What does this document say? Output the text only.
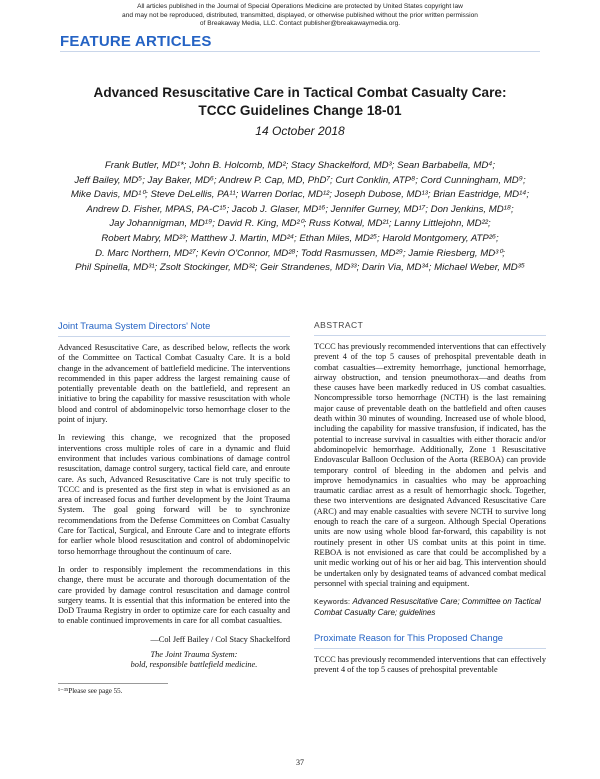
All articles published in the Journal of Special Operations Medicine are protected by United States copyright law
and may not be reproduced, distributed, transmitted, displayed, or otherwise published without the prior written permission
of Breakaway Media, LLC. Contact publisher@breakawaymedia.org.
FEATURE ARTICLES
Advanced Resuscitative Care in Tactical Combat Casualty Care:
TCCC Guidelines Change 18-01
14 October 2018
Frank Butler, MD¹*; John B. Holcomb, MD²; Stacy Shackelford, MD³; Sean Barbabella, MD⁴;
Jeff Bailey, MD⁵; Jay Baker, MD⁶; Andrew P. Cap, MD, PhD⁷; Curt Conklin, ATP⁸; Cord Cunningham, MD⁹;
Mike Davis, MD¹⁰; Steve DeLellis, PA¹¹; Warren Dorlac, MD¹²; Joseph Dubose, MD¹³; Brian Eastridge, MD¹⁴;
Andrew D. Fisher, MPAS, PA-C¹⁵; Jacob J. Glaser, MD¹⁶; Jennifer Gurney, MD¹⁷; Don Jenkins, MD¹⁸;
Jay Johannigman, MD¹⁹; David R. King, MD²⁰; Russ Kotwal, MD²¹; Lanny Littlejohn, MD²²;
Robert Mabry, MD²³; Matthew J. Martin, MD²⁴; Ethan Miles, MD²⁵; Harold Montgomery, ATP²⁶;
D. Marc Northern, MD²⁷; Kevin O'Connor, MD²⁸; Todd Rasmussen, MD²⁹; Jamie Riesberg, MD³⁰;
Phil Spinella, MD³¹; Zsolt Stockinger, MD³²; Geir Strandenes, MD³³; Darin Via, MD³⁴; Michael Weber, MD³⁵
Joint Trauma System Directors' Note

Advanced Resuscitative Care, as described below, reflects the work of the Committee on Tactical Combat Casualty Care. It is a bold change in the advancement of battlefield medicine. The interventions recommended in this paper address the largest remaining cause of potentially preventable death on the battlefield, and represent an initiative to bring the capability for massive resuscitation with whole blood and control of abdominopelvic torso hemorrhage closer to the point of injury.

In reviewing this change, we recognized that the proposed interventions cross multiple roles of care in a dynamic and fluid environment that includes various combinations of damage control resuscitation, damage control surgery, tactical field care, and enroute care. As such, Advanced Resuscitative Care is not truly specific to TCCC and is presented as the first step in what is envisioned as an area of increased focus and further development by the Joint Trauma System. The goal going forward will be to synchronize recommendations from the Defense Committees on Combat Casualty Care for Tactical, Surgical, and Enroute Care and to integrate efforts for earlier whole blood resuscitation and control of abdominopelvic torso hemorrhage throughout the continuum of care.

In order to responsibly implement the recommendations in this change, there must be accurate and thorough documentation of the care provided by damage control resuscitation and damage control surgery teams. It is essential that this information be entered into the DoD Trauma Registry in order to optimize care for each casualty and to enable continued improvements in care for all combat casualties.

—Col Jeff Bailey / Col Stacy Shackelford
The Joint Trauma System:
bold, responsible battlefield medicine.
¹⁻³⁵Please see page 55.
ABSTRACT

TCCC has previously recommended interventions that can effectively prevent 4 of the top 5 causes of prehospital preventable death in combat casualties—extremity hemorrhage, junctional hemorrhage, airway obstruction, and tension pneumothorax—and deaths from these causes have been markedly reduced in US combat casualties. Noncompressible torso hemorrhage (NCTH) is the last remaining major cause of preventable death on the battlefield and often causes death within 30 minutes of wounding. Increased use of whole blood, including the capability for massive transfusion, if indicated, has the potential to increase survival in casualties with either thoracic and/or abdominopelvic hemorrhage. Additionally, Zone 1 Resuscitative Endovascular Balloon Occlusion of the Aorta (REBOA) can provide temporary control of bleeding in the abdomen and pelvis and improve hemodynamics in casualties who may be approaching traumatic cardiac arrest as a result of hemorrhagic shock. Together, these two interventions are designated Advanced Resuscitative Care (ARC) and may enable casualties with severe NCTH to survive long enough to reach the care of a surgeon. Although Special Operations units are now using whole blood far-forward, this capability is not routinely present in other US combat units at this point in time. REBOA is not envisioned as care that could be accomplished by a unit medic working out of his or her aid bag. This intervention should be undertaken only by designated teams of advanced combat medical personnel with special training and equipment.

Keywords: Advanced Resuscitative Care; Committee on Tactical Combat Casualty Care; guidelines
Proximate Reason for This Proposed Change

TCCC has previously recommended interventions that can effectively prevent 4 of the top 5 causes of prehospital preventable

37
